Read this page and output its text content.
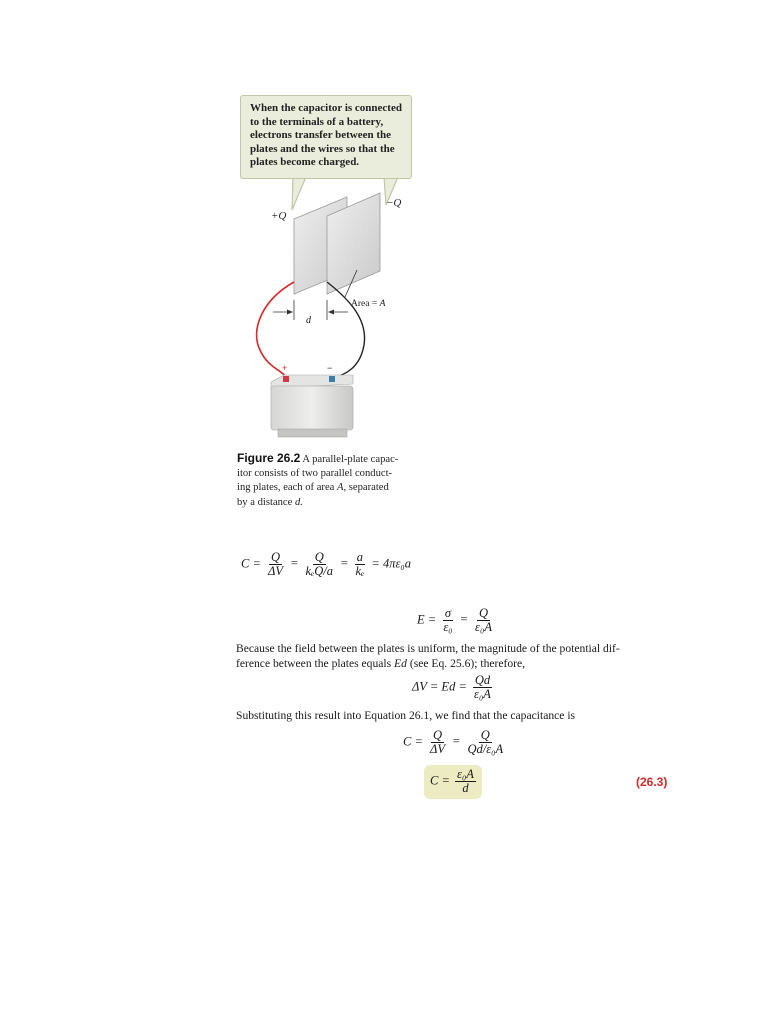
+Q
−Q
Area = A
d
+	−
When the capacitor is connected
to the terminals of a battery,
electrons transfer between the
plates and the wires so that the
plates become charged.
Figure 26.2 A parallel-plate capac-
itor consists of two parallel conduct-
ing plates, each of area A, separated
by a distance d.
$C = \frac{Q}{\Delta V} = \frac{Q}{\text{kₑQ/a}} = \frac{a}{\text{kₑ}} = 4\pi\varepsilon_0a$
$E = \frac{\sigma}{\text{ε₀}} = \frac{Q}{\text{ε₀A}}$
Because the field between the plates is uniform, the magnitude of the potential dif-
ference between the plates equals Ed (see Eq. 25.6); therefore,
$\Delta V = Ed = \frac{Qd}{\text{ε₀A}}$
Substituting this result into Equation 26.1, we find that the capacitance is
$C = \frac{Q}{\Delta V} = \frac{Q}{\text{Qd/ε₀A}}$
$C = \frac{\text{ε₀A}}{d}$	(26.3)
